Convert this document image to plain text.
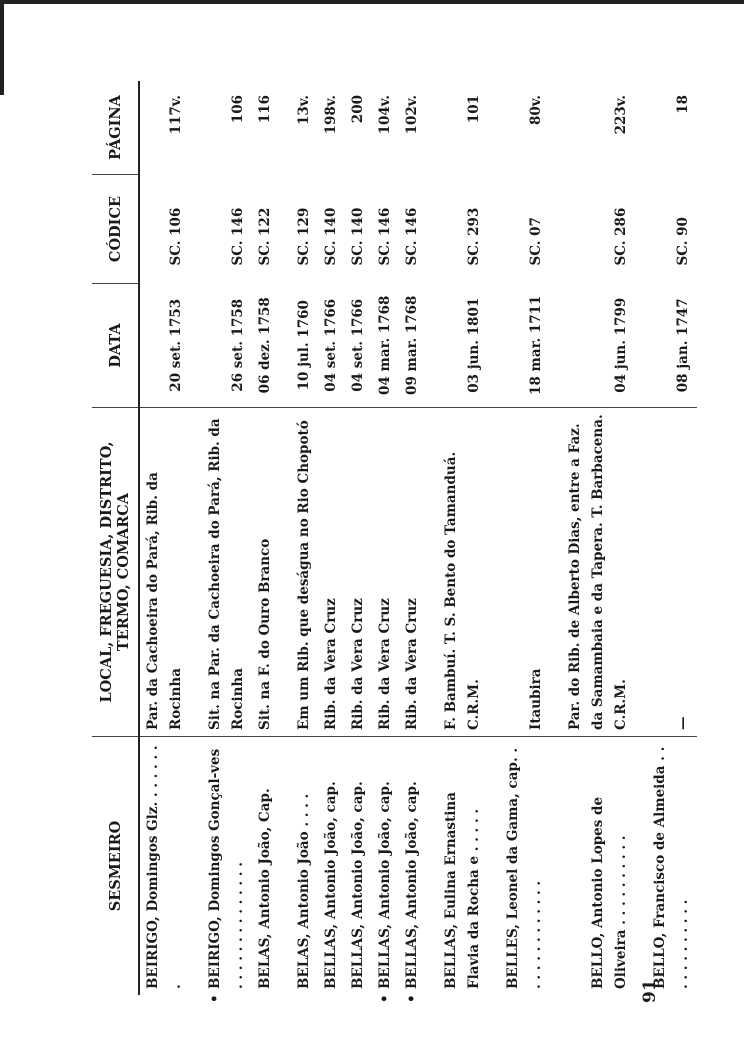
SESMEIRO	LOCAL, FREGUESIA, DISTRITO, TERMO, COMARCA	DATA	CÓDICE	PÁGINA
BEIRIGO, Domingos Glz. . . . . . . .	Par. da Cachoeira do Pará, Rib. da Rocinha	20 set. 1753	SC. 106	117v.
•BEIRIGO, Domingos Gonçal-ves . . . . . . . . . . . . . .	Sit. na Par. da Cachoeira do Pará, Rib. da Rocinha	26 set. 1758	SC. 146	106
BELAS, Antonio João, Cap.	Sit. na F. do Ouro Branco	06 dez. 1758	SC. 122	116
BELAS, Antonio João . . . .	Em um Rib. que deságua no Rio Chopotó	10 jul. 1760	SC. 129	13v.
BELLAS, Antonio João, cap.	Rib. da Vera Cruz	04 set. 1766	SC. 140	198v.
BELLAS, Antonio João, cap.	Rib. da Vera Cruz	04 set. 1766	SC. 140	200
•BELLAS, Antonio João, cap.	Rib. da Vera Cruz	04 mar. 1768	SC. 146	104v.
•BELLAS, Antonio João, cap.	Rib. da Vera Cruz	09 mar. 1768	SC. 146	102v.
BELLAS, Eulina Ernastina Flavia da Rocha e . . . . .	F. Bambuí. T. S. Bento do Tamanduá. C.R.M.	03 jun. 1801	SC. 293	101
BELLES, Leonel da Gama, cap. . . . . . . . . . . . . .	Itaubira	18 mar. 1711	SC. 07	80v.
BELLO, Antonio Lopes de Oliveira . . . . . . . . . .	Par. do Rib. de Alberto Dias, entre a Faz. da Samambaia e da Tapera. T. Barbacena. C.R.M.	04 jun. 1799	SC. 286	223v.
BELLO, Francisco de Almeida . . . . . . . . . . . .	—	08 jan. 1747	SC. 90	18
91
